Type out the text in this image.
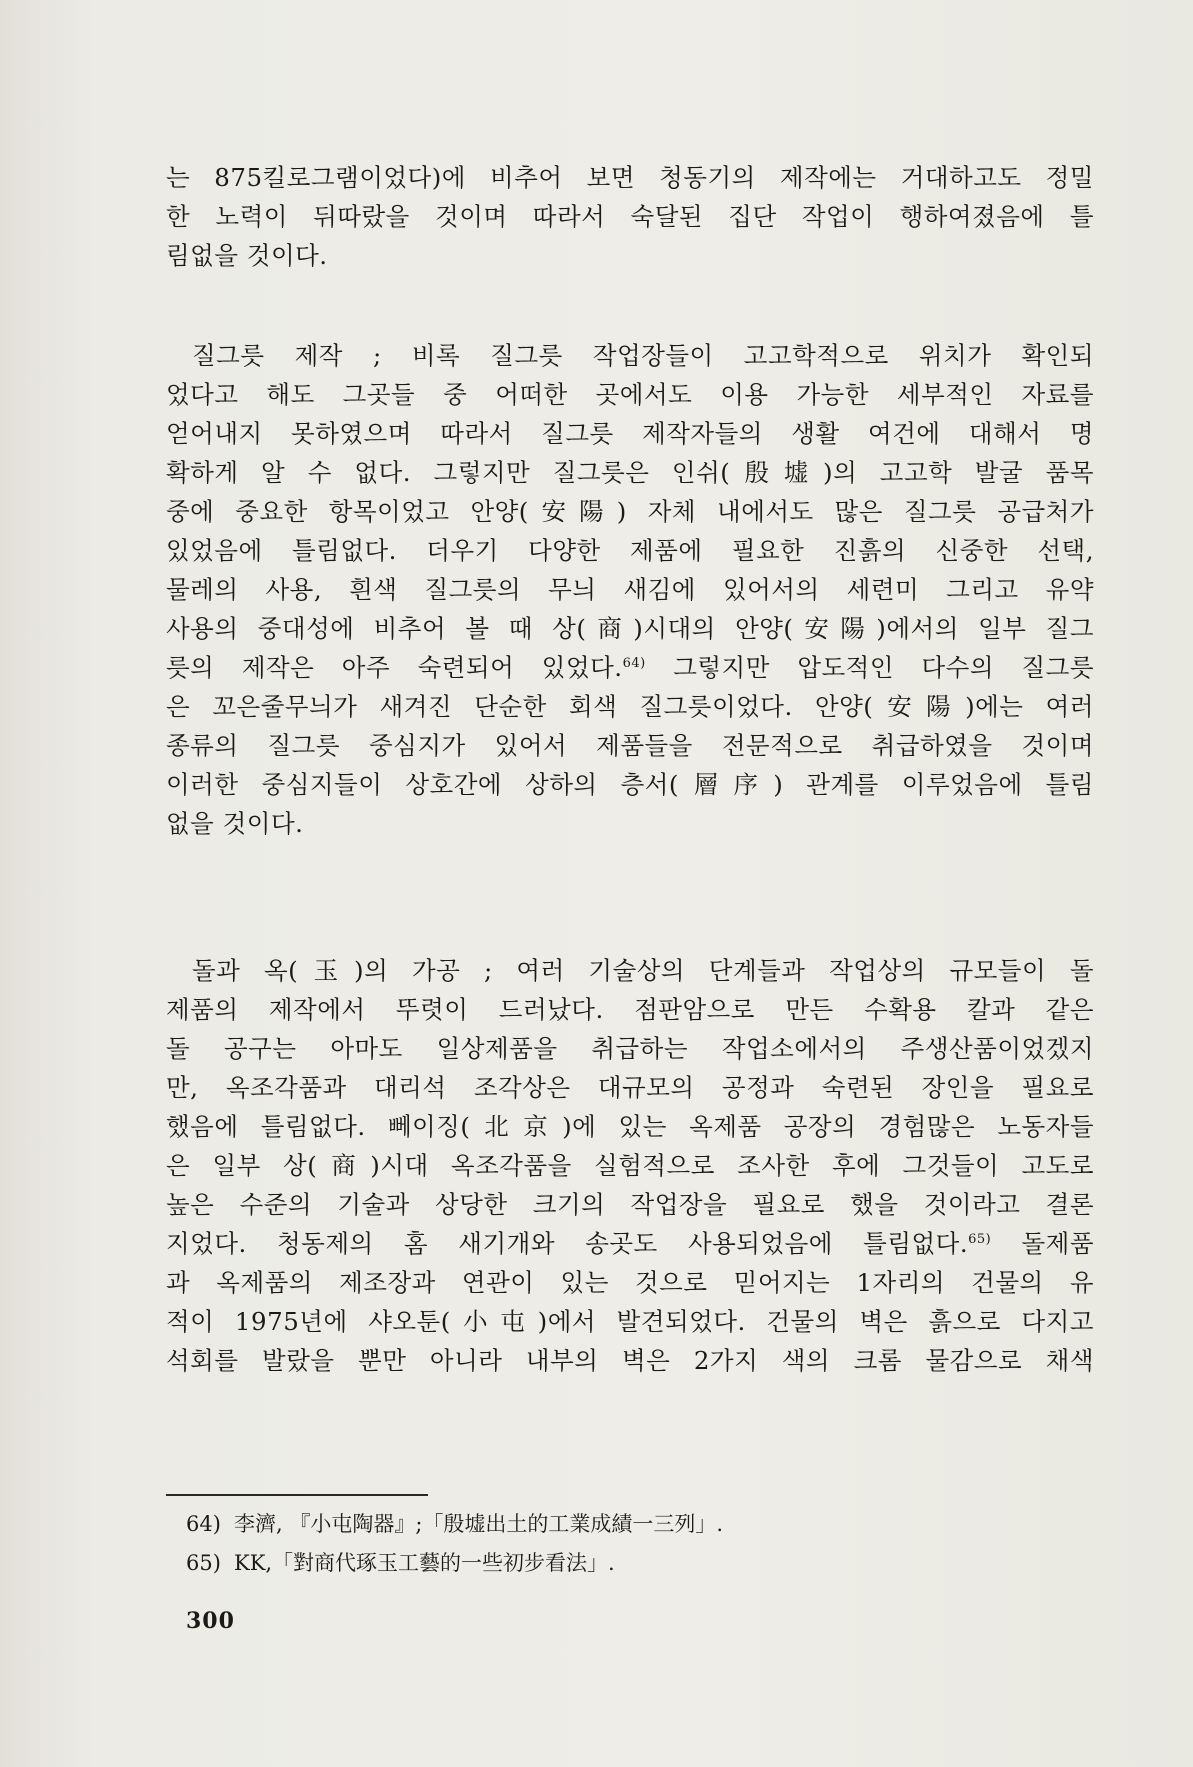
는 875킬로그램이었다)에 비추어 보면 청동기의 제작에는 거대하고도 정밀
한 노력이 뒤따랐을 것이며 따라서 숙달된 집단 작업이 행하여졌음에 틀
림없을 것이다.

질그릇 제작 ; 비록 질그릇 작업장들이 고고학적으로 위치가 확인되
었다고 해도 그곳들 중 어떠한 곳에서도 이용 가능한 세부적인 자료를
얻어내지 못하였으며 따라서 질그릇 제작자들의 생활 여건에 대해서 명
확하게 알 수 없다. 그렇지만 질그릇은 인쉬(殷墟)의 고고학 발굴 품목
중에 중요한 항목이었고 안양(安陽) 자체 내에서도 많은 질그릇 공급처가
있었음에 틀림없다. 더우기 다양한 제품에 필요한 진흙의 신중한 선택,
물레의 사용, 흰색 질그릇의 무늬 새김에 있어서의 세련미 그리고 유약
사용의 중대성에 비추어 볼 때 상(商)시대의 안양(安陽)에서의 일부 질그
릇의 제작은 아주 숙련되어 있었다.$^{64)}$ 그렇지만 압도적인 다수의 질그릇
은 꼬은줄무늬가 새겨진 단순한 회색 질그릇이었다. 안양(安陽)에는 여러
종류의 질그릇 중심지가 있어서 제품들을 전문적으로 취급하였을 것이며
이러한 중심지들이 상호간에 상하의 층서(層序) 관계를 이루었음에 틀림
없을 것이다.

돌과 옥(玉)의 가공 ; 여러 기술상의 단계들과 작업상의 규모들이 돌
제품의 제작에서 뚜렷이 드러났다. 점판암으로 만든 수확용 칼과 같은
돌 공구는 아마도 일상제품을 취급하는 작업소에서의 주생산품이었겠지
만, 옥조각품과 대리석 조각상은 대규모의 공정과 숙련된 장인을 필요로
했음에 틀림없다. 뻬이징(北京)에 있는 옥제품 공장의 경험많은 노동자들
은 일부 상(商)시대 옥조각품을 실험적으로 조사한 후에 그것들이 고도로
높은 수준의 기술과 상당한 크기의 작업장을 필요로 했을 것이라고 결론
지었다. 청동제의 홈 새기개와 송곳도 사용되었음에 틀림없다.$^{65)}$ 돌제품
과 옥제품의 제조장과 연관이 있는 것으로 믿어지는 1자리의 건물의 유
적이 1975년에 샤오툰(小屯)에서 발견되었다. 건물의 벽은 흙으로 다지고
석회를 발랐을 뿐만 아니라 내부의 벽은 2가지 색의 크롬 물감으로 채색

64) 李濟, 『小屯陶器』;「殷墟出土的工業成績一三列」.
65) KK,「對商代琢玉工藝的一些初步看法」.
300
